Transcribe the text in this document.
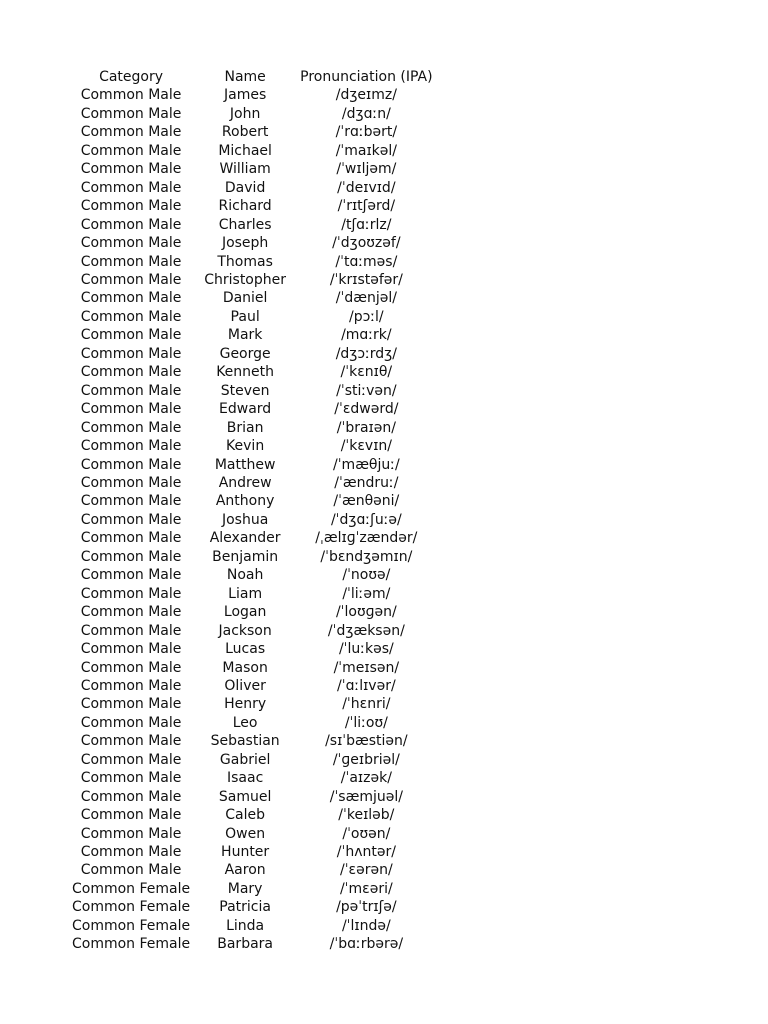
Category	Name	Pronunciation (IPA)
Common Male	James	/dʒeɪmz/
Common Male	John	/dʒɑːn/
Common Male	Robert	/ˈrɑːbərt/
Common Male	Michael	/ˈmaɪkəl/
Common Male	William	/ˈwɪljəm/
Common Male	David	/ˈdeɪvɪd/
Common Male	Richard	/ˈrɪtʃərd/
Common Male	Charles	/tʃɑːrlz/
Common Male	Joseph	/ˈdʒoʊzəf/
Common Male	Thomas	/ˈtɑːməs/
Common Male	Christopher	/ˈkrɪstəfər/
Common Male	Daniel	/ˈdænjəl/
Common Male	Paul	/pɔːl/
Common Male	Mark	/mɑːrk/
Common Male	George	/dʒɔːrdʒ/
Common Male	Kenneth	/ˈkɛnɪθ/
Common Male	Steven	/ˈstiːvən/
Common Male	Edward	/ˈɛdwərd/
Common Male	Brian	/ˈbraɪən/
Common Male	Kevin	/ˈkɛvɪn/
Common Male	Matthew	/ˈmæθjuː/
Common Male	Andrew	/ˈændruː/
Common Male	Anthony	/ˈænθəni/
Common Male	Joshua	/ˈdʒɑːʃuːə/
Common Male	Alexander	/ˌælɪɡˈzændər/
Common Male	Benjamin	/ˈbɛndʒəmɪn/
Common Male	Noah	/ˈnoʊə/
Common Male	Liam	/ˈliːəm/
Common Male	Logan	/ˈloʊɡən/
Common Male	Jackson	/ˈdʒæksən/
Common Male	Lucas	/ˈluːkəs/
Common Male	Mason	/ˈmeɪsən/
Common Male	Oliver	/ˈɑːlɪvər/
Common Male	Henry	/ˈhɛnri/
Common Male	Leo	/ˈliːoʊ/
Common Male	Sebastian	/sɪˈbæstiən/
Common Male	Gabriel	/ˈɡeɪbriəl/
Common Male	Isaac	/ˈaɪzək/
Common Male	Samuel	/ˈsæmjuəl/
Common Male	Caleb	/ˈkeɪləb/
Common Male	Owen	/ˈoʊən/
Common Male	Hunter	/ˈhʌntər/
Common Male	Aaron	/ˈɛərən/
Common Female	Mary	/ˈmɛəri/
Common Female	Patricia	/pəˈtrɪʃə/
Common Female	Linda	/ˈlɪndə/
Common Female	Barbara	/ˈbɑːrbərə/
